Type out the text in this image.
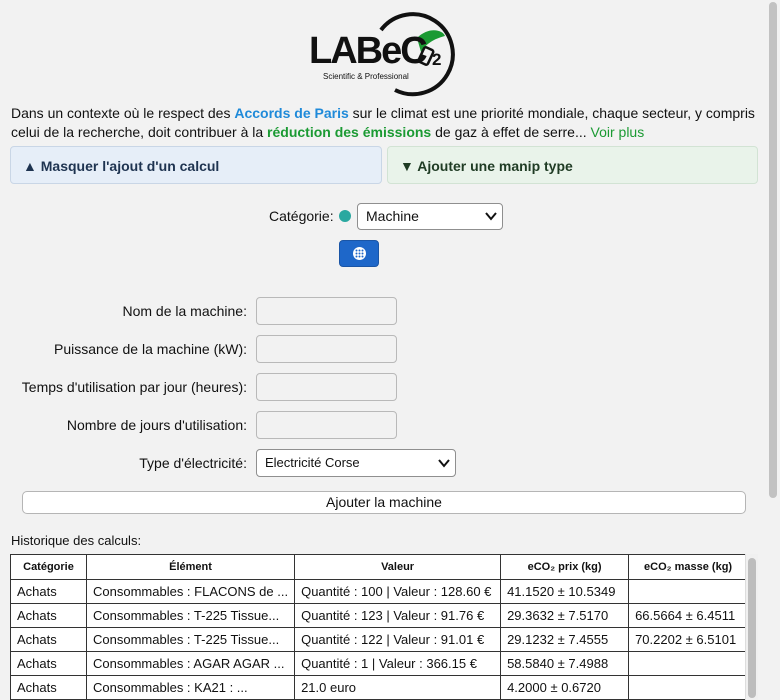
LABeC 2
Scientific & Professional
Dans un contexte où le respect des Accords de Paris sur le climat est une priorité mondiale, chaque secteur, y compris celui de la recherche, doit contribuer à la réduction des émissions de gaz à effet de serre... Voir plus
▲ Masquer l'ajout d'un calcul	▼ Ajouter une manip type
Catégorie:	Machine
Nom de la machine:
Puissance de la machine (kW):
Temps d'utilisation par jour (heures):
Nombre de jours d'utilisation:
Type d'électricité:	Electricité Corse
Ajouter la machine
Historique des calculs:
Catégorie	Élément	Valeur	eCO₂ prix (kg)	eCO₂ masse (kg)
Achats	Consommables : FLACONS de ...	Quantité : 100 | Valeur : 128.60 €	41.1520 ± 10.5349	
Achats	Consommables : T-225 Tissue...	Quantité : 123 | Valeur : 91.76 €	29.3632 ± 7.5170	66.5664 ± 6.4511
Achats	Consommables : T-225 Tissue...	Quantité : 122 | Valeur : 91.01 €	29.1232 ± 7.4555	70.2202 ± 6.5101
Achats	Consommables : AGAR AGAR ...	Quantité : 1 | Valeur : 366.15 €	58.5840 ± 7.4988	
Achats	Consommables : KA21 : ...	21.0 euro	4.2000 ± 0.6720	
